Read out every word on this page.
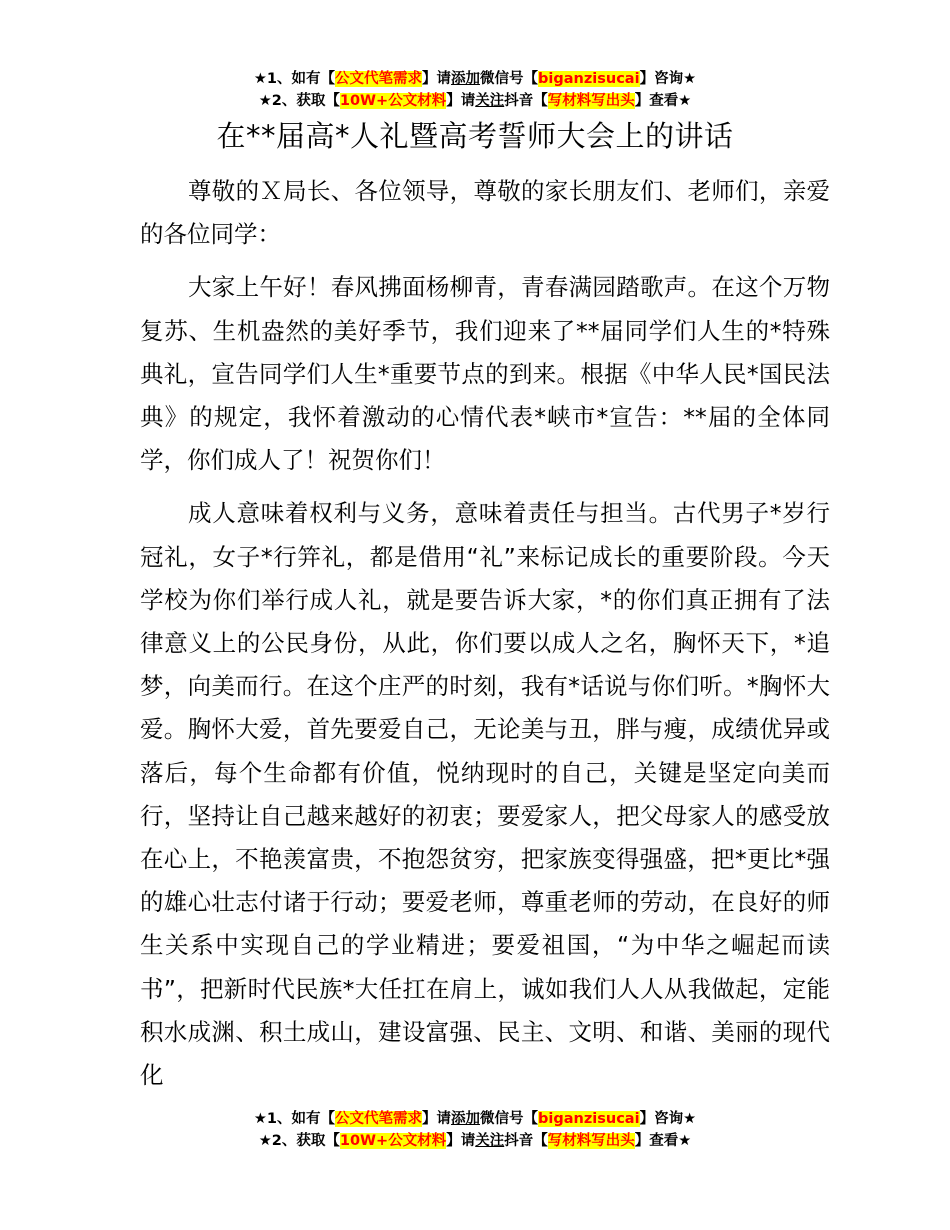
★1、如有【公文代笔需求】请添加微信号【biganzisucai】咨询★
★2、获取【10W+公文材料】请关注抖音【写材料写出头】查看★
在**届高*人礼暨高考誓师大会上的讲话

尊敬的Ｘ局长、各位领导，尊敬的家长朋友们、老师们，亲爱的各位同学：

大家上午好！春风拂面杨柳青，青春满园踏歌声。在这个万物复苏、生机盎然的美好季节，我们迎来了**届同学们人生的*特殊典礼，宣告同学们人生*重要节点的到来。根据《中华人民*国民法典》的规定，我怀着激动的心情代表*峡市*宣告：**届的全体同学，你们成人了！祝贺你们！

成人意味着权利与义务，意味着责任与担当。古代男子*岁行冠礼，女子*行笄礼，都是借用“礼”来标记成长的重要阶段。今天学校为你们举行成人礼，就是要告诉大家，*的你们真正拥有了法律意义上的公民身份，从此，你们要以成人之名，胸怀天下，*追梦，向美而行。在这个庄严的时刻，我有*话说与你们听。*胸怀大爱。胸怀大爱，首先要爱自己，无论美与丑，胖与瘦，成绩优异或落后，每个生命都有价值，悦纳现时的自己，关键是坚定向美而行，坚持让自己越来越好的初衷；要爱家人，把父母家人的感受放在心上，不艳羡富贵，不抱怨贫穷，把家族变得强盛，把*更比*强的雄心壮志付诸于行动；要爱老师，尊重老师的劳动，在良好的师生关系中实现自己的学业精进；要爱祖国，“为中华之崛起而读书”，把新时代民族*大任扛在肩上，诚如我们人人从我做起，定能积水成渊、积土成山，建设富强、民主、文明、和谐、美丽的现代化

★1、如有【公文代笔需求】请添加微信号【biganzisucai】咨询★
★2、获取【10W+公文材料】请关注抖音【写材料写出头】查看★
